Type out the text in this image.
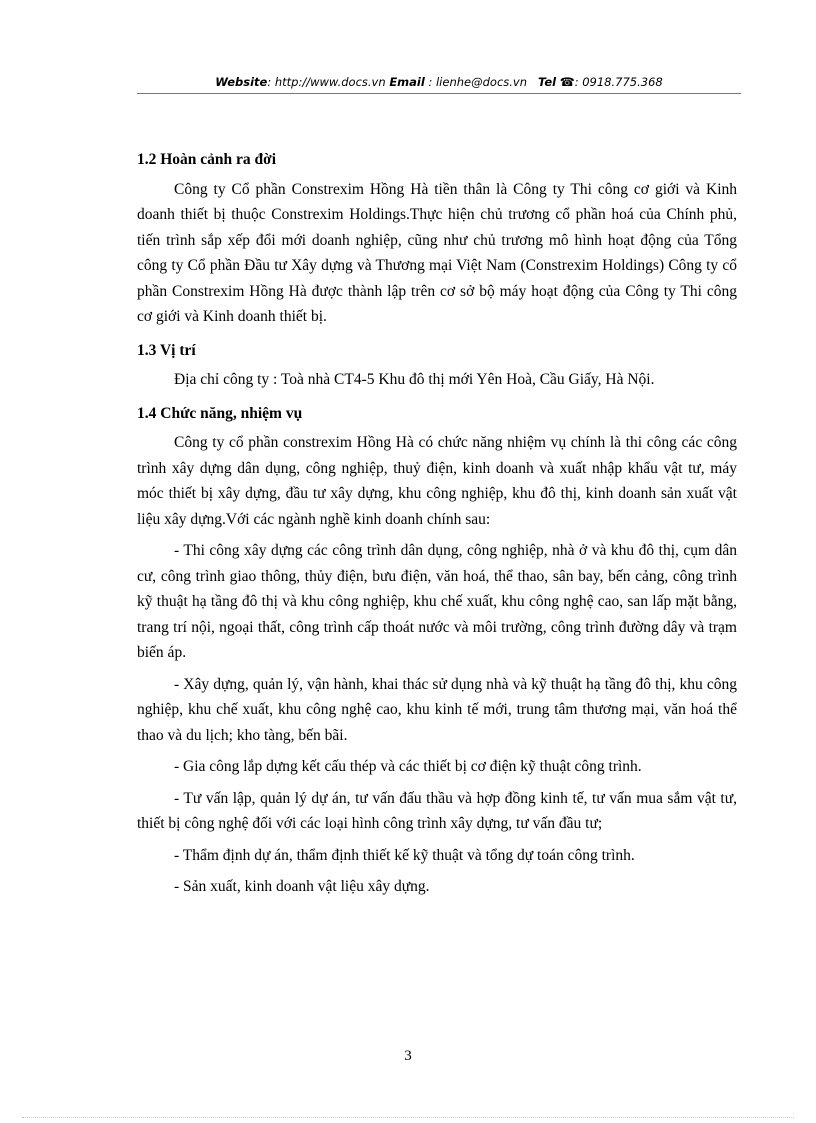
Website: http://www.docs.vn Email : lienhe@docs.vn Tel ☎: 0918.775.368
1.2 Hoàn cảnh ra đời

Công ty Cổ phần Constrexim Hồng Hà tiền thân là Công ty Thi công cơ giới và Kinh doanh thiết bị thuộc Constrexim Holdings.Thực hiện chủ trương cổ phần hoá của Chính phủ, tiến trình sắp xếp đổi mới doanh nghiệp, cũng như chủ trương mô hình hoạt động của Tổng công ty Cổ phần Đầu tư Xây dựng và Thương mại Việt Nam (Constrexim Holdings) Công ty cổ phần Constrexim Hồng Hà được thành lập trên cơ sở bộ máy hoạt động của Công ty Thi công cơ giới và Kinh doanh thiết bị.

1.3 Vị trí

Địa chỉ công ty : Toà nhà CT4-5 Khu đô thị mới Yên Hoà, Cầu Giấy, Hà Nội.

1.4 Chức năng, nhiệm vụ

Công ty cổ phần constrexim Hồng Hà có chức năng nhiệm vụ chính là thi công các công trình xây dựng dân dụng, công nghiệp, thuỷ điện, kinh doanh và xuất nhập khẩu vật tư, máy móc thiết bị xây dựng, đầu tư xây dựng, khu công nghiệp, khu đô thị, kinh doanh sản xuất vật liệu xây dựng.Với các ngành nghề kinh doanh chính sau:

- Thi công xây dựng các công trình dân dụng, công nghiệp, nhà ở và khu đô thị, cụm dân cư, công trình giao thông, thủy điện, bưu điện, văn hoá, thể thao, sân bay, bến cảng, công trình kỹ thuật hạ tầng đô thị và khu công nghiệp, khu chế xuất, khu công nghệ cao, san lấp mặt bằng, trang trí nội, ngoại thất, công trình cấp thoát nước và môi trường, công trình đường dây và trạm biến áp.

- Xây dựng, quản lý, vận hành, khai thác sử dụng nhà và kỹ thuật hạ tầng đô thị, khu công nghiệp, khu chế xuất, khu công nghệ cao, khu kinh tế mới, trung tâm thương mại, văn hoá thể thao và du lịch; kho tàng, bến bãi.

- Gia công lắp dựng kết cấu thép và các thiết bị cơ điện kỹ thuật công trình.

- Tư vấn lập, quản lý dự án, tư vấn đấu thầu và hợp đồng kinh tế, tư vấn mua sắm vật tư, thiết bị công nghệ đối với các loại hình công trình xây dựng, tư vấn đầu tư;

- Thẩm định dự án, thẩm định thiết kế kỹ thuật và tổng dự toán công trình.

- Sản xuất, kinh doanh vật liệu xây dựng.

3
